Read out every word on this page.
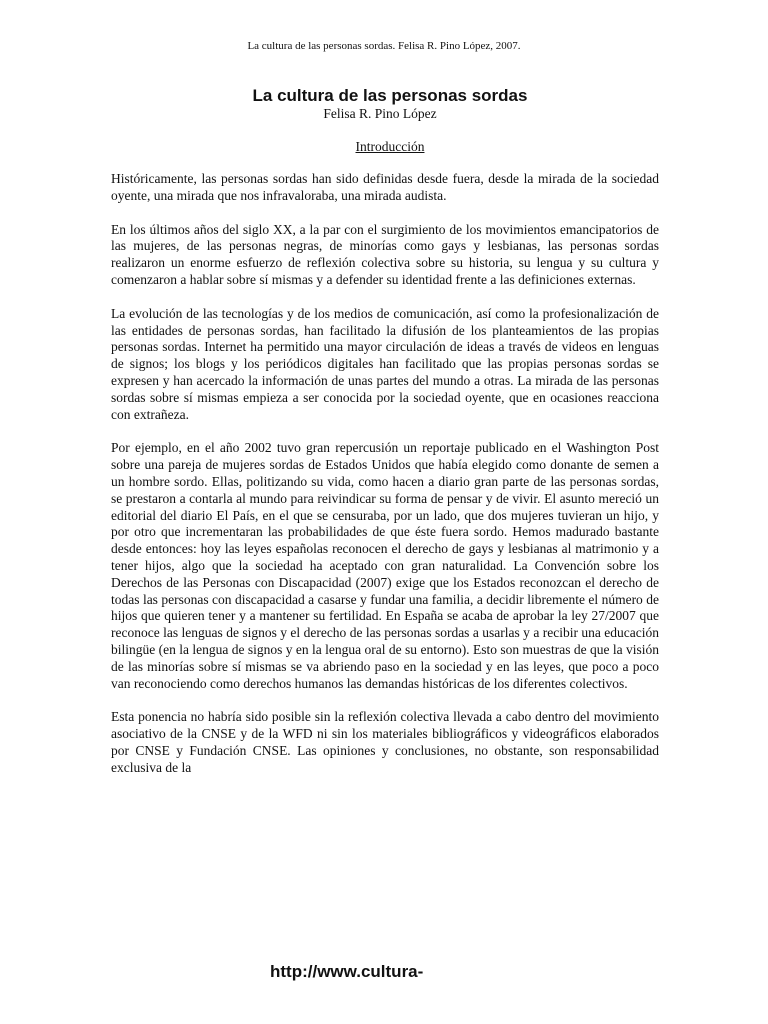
La cultura de las personas sordas. Felisa R. Pino López, 2007.
La cultura de las personas sordas
Felisa R. Pino López
Introducción

Históricamente, las personas sordas han sido definidas desde fuera, desde la mirada de la sociedad oyente, una mirada que nos infravaloraba, una mirada audista.

En los últimos años del siglo XX, a la par con el surgimiento de los movimientos emancipatorios de las mujeres, de las personas negras, de minorías como gays y lesbianas, las personas sordas realizaron un enorme esfuerzo de reflexión colectiva sobre su historia, su lengua y su cultura y comenzaron a hablar sobre sí mismas y a defender su identidad frente a las definiciones externas.

La evolución de las tecnologías y de los medios de comunicación, así como la profesionalización de las entidades de personas sordas, han facilitado la difusión de los planteamientos de las propias personas sordas. Internet ha permitido una mayor circulación de ideas a través de videos en lenguas de signos; los blogs y los periódicos digitales han facilitado que las propias personas sordas se expresen y han acercado la información de unas partes del mundo a otras. La mirada de las personas sordas sobre sí mismas empieza a ser conocida por la sociedad oyente, que en ocasiones reacciona con extrañeza.

Por ejemplo, en el año 2002 tuvo gran repercusión un reportaje publicado en el Washington Post sobre una pareja de mujeres sordas de Estados Unidos que había elegido como donante de semen a un hombre sordo. Ellas, politizando su vida, como hacen a diario gran parte de las personas sordas, se prestaron a contarla al mundo para reivindicar su forma de pensar y de vivir. El asunto mereció un editorial del diario El País, en el que se censuraba, por un lado, que dos mujeres tuvieran un hijo, y por otro que incrementaran las probabilidades de que éste fuera sordo. Hemos madurado bastante desde entonces: hoy las leyes españolas reconocen el derecho de gays y lesbianas al matrimonio y a tener hijos, algo que la sociedad ha aceptado con gran naturalidad. La Convención sobre los Derechos de las Personas con Discapacidad (2007) exige que los Estados reconozcan el derecho de todas las personas con discapacidad a casarse y fundar una familia, a decidir libremente el número de hijos que quieren tener y a mantener su fertilidad. En España se acaba de aprobar la ley 27/2007 que reconoce las lenguas de signos y el derecho de las personas sordas a usarlas y a recibir una educación bilingüe (en la lengua de signos y en la lengua oral de su entorno). Esto son muestras de que la visión de las minorías sobre sí mismas se va abriendo paso en la sociedad y en las leyes, que poco a poco van reconociendo como derechos humanos las demandas históricas de los diferentes colectivos.

Esta ponencia no habría sido posible sin la reflexión colectiva llevada a cabo dentro del movimiento asociativo de la CNSE y de la WFD ni sin los materiales bibliográficos y videográficos elaborados por CNSE y Fundación CNSE. Las opiniones y conclusiones, no obstante, son responsabilidad exclusiva de la

http://www.cultura-
